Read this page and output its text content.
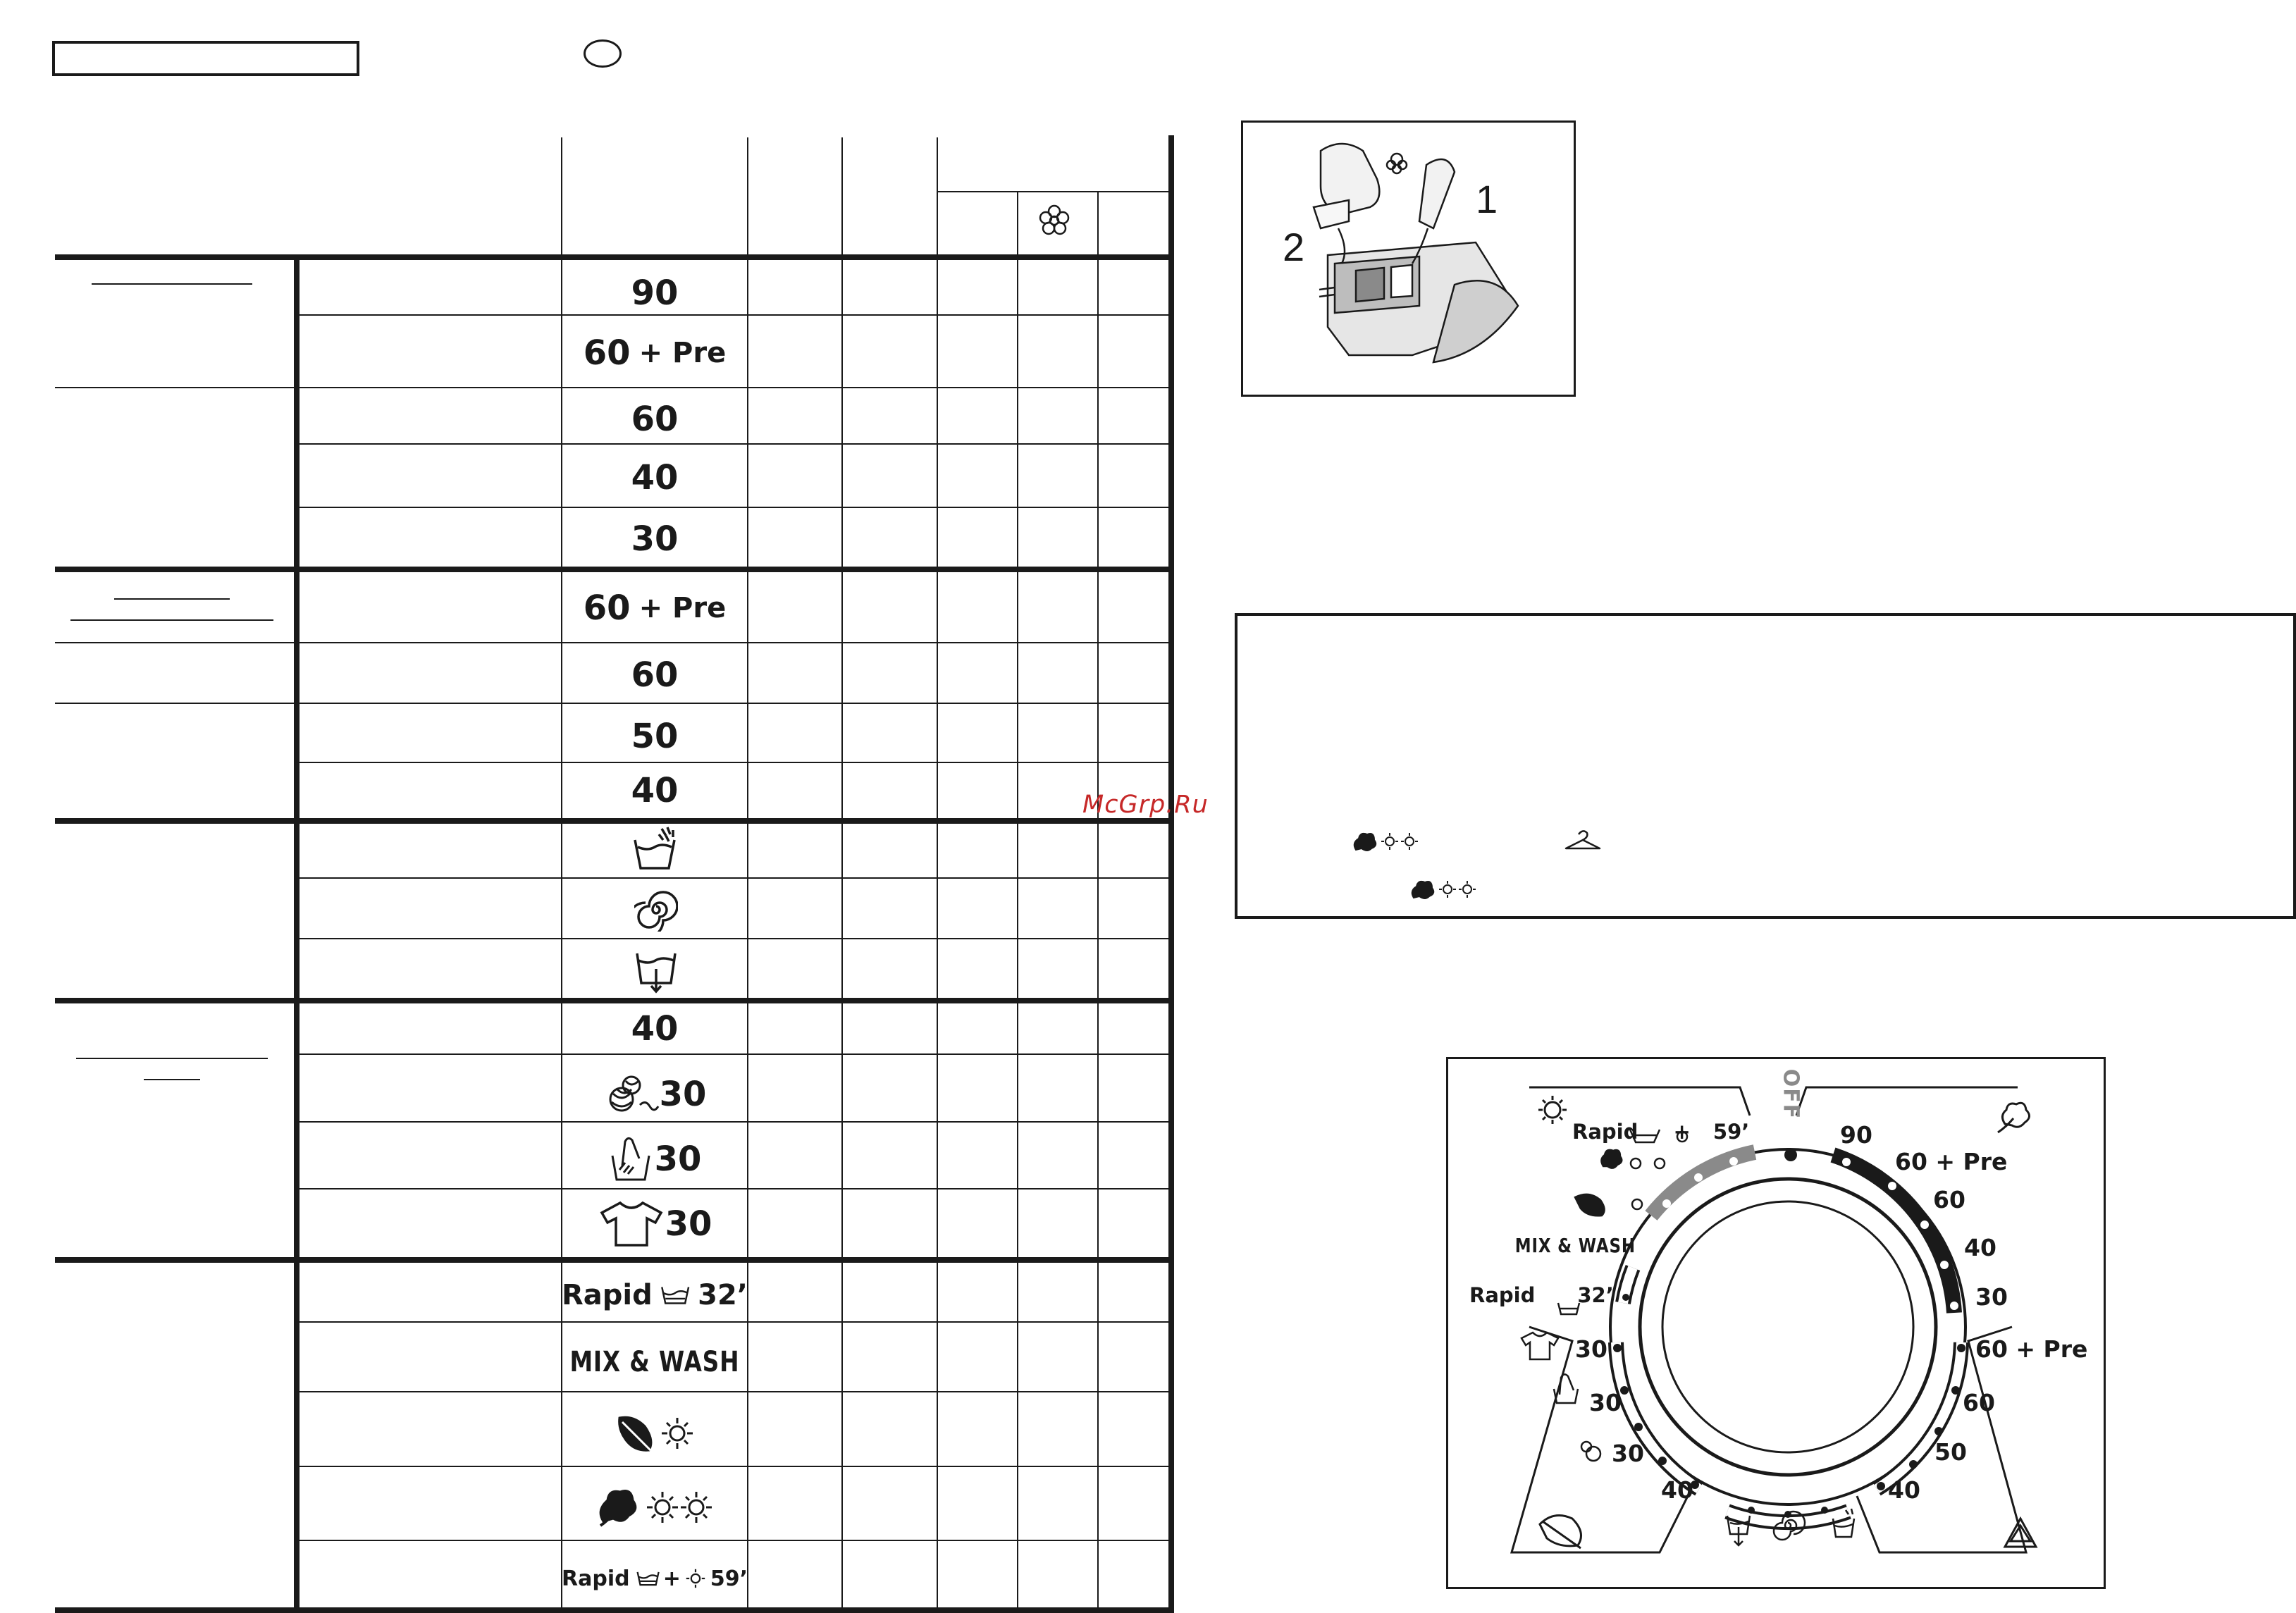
90
60 + Pre
60
40
30
60 + Pre
60
50
40
40
30
30
30
Rapid 32’
MIX & WASH
Rapid + 59’
McGrp.Ru
1
2
OFF
Rapid + 59’
MIX & WASH
Rapid 32’
30
30
30
40
90
60 + Pre
60
40
30
60 + Pre
60
50
40
